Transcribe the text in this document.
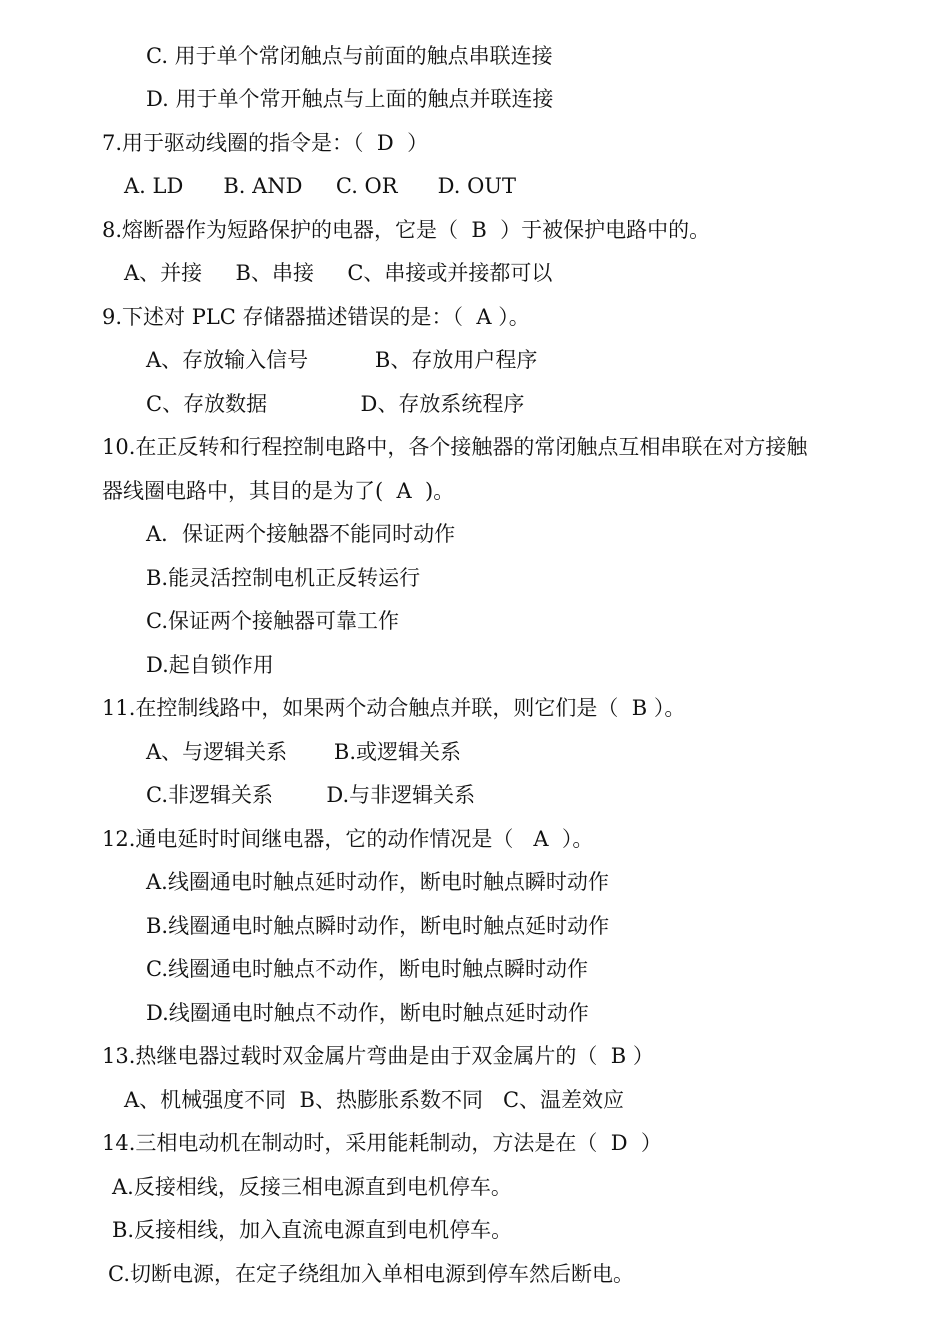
C. 用于单个常闭触点与前面的触点串联连接
D. 用于单个常开触点与上面的触点并联连接
7.用于驱动线圈的指令是：（  D  ）
A. LD      B. AND     C. OR      D. OUT
8.熔断器作为短路保护的电器，它是（  B  ）于被保护电路中的。
A、并接     B、串接     C、串接或并接都可以
9.下述对 PLC 存储器描述错误的是：（  A ）。
A、存放输入信号          B、存放用户程序
C、存放数据              D、存放系统程序
10.在正反转和行程控制电路中，各个接触器的常闭触点互相串联在对方接触
器线圈电路中，其目的是为了(  A  )。
A．保证两个接触器不能同时动作
B.能灵活控制电机正反转运行
C.保证两个接触器可靠工作
D.起自锁作用
11.在控制线路中，如果两个动合触点并联，则它们是（  B ）。
A、与逻辑关系       B.或逻辑关系
C.非逻辑关系        D.与非逻辑关系
12.通电延时时间继电器，它的动作情况是（   A  ）。
A.线圈通电时触点延时动作，断电时触点瞬时动作
B.线圈通电时触点瞬时动作，断电时触点延时动作
C.线圈通电时触点不动作，断电时触点瞬时动作
D.线圈通电时触点不动作，断电时触点延时动作
13.热继电器过载时双金属片弯曲是由于双金属片的（  B ）
A、机械强度不同  B、热膨胀系数不同   C、温差效应
14.三相电动机在制动时，采用能耗制动，方法是在（  D  ）
A.反接相线，反接三相电源直到电机停车。
B.反接相线，加入直流电源直到电机停车。
C.切断电源，在定子绕组加入单相电源到停车然后断电。
